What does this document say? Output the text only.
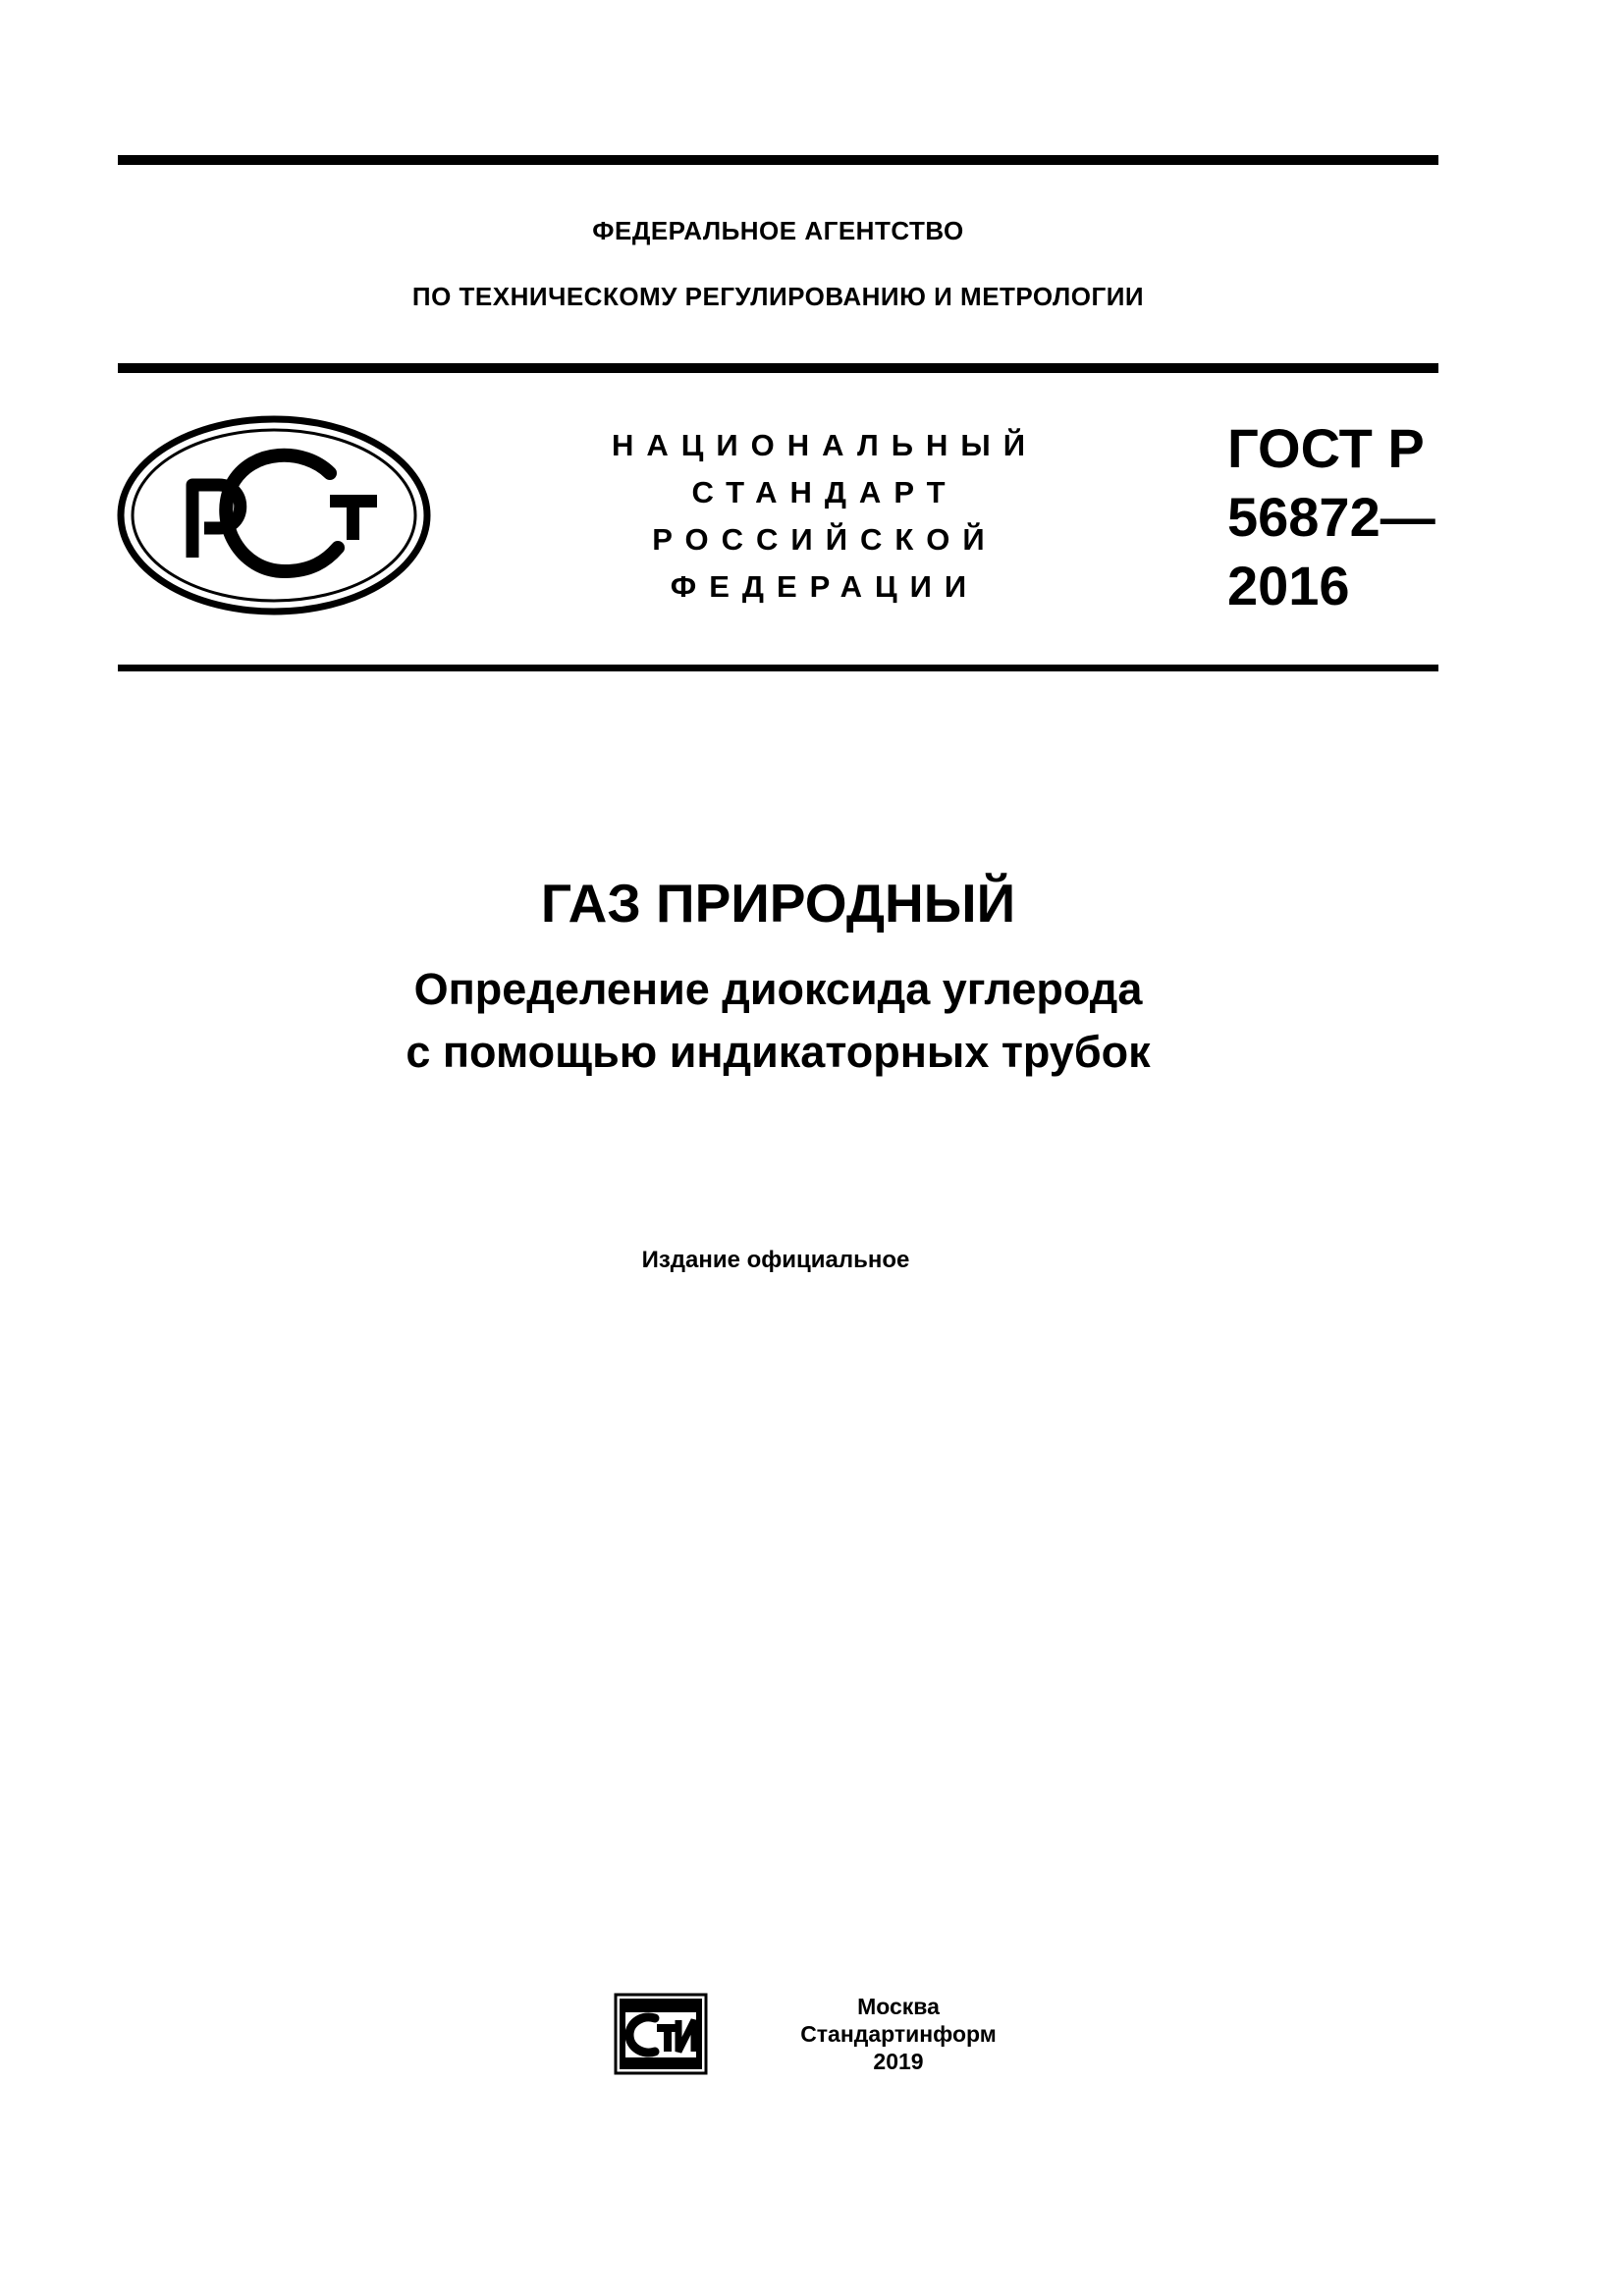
ФЕДЕРАЛЬНОЕ АГЕНТСТВО
ПО ТЕХНИЧЕСКОМУ РЕГУЛИРОВАНИЮ И МЕТРОЛОГИИ
РСТ
НАЦИОНАЛЬНЫЙ
СТАНДАРТ
РОССИЙСКОЙ
ФЕДЕРАЦИИ
ГОСТ Р
56872—
2016
ГАЗ ПРИРОДНЫЙ
Определение диоксида углерода
с помощью индикаторных трубок
Издание официальное
Москва
Стандартинформ
2019
